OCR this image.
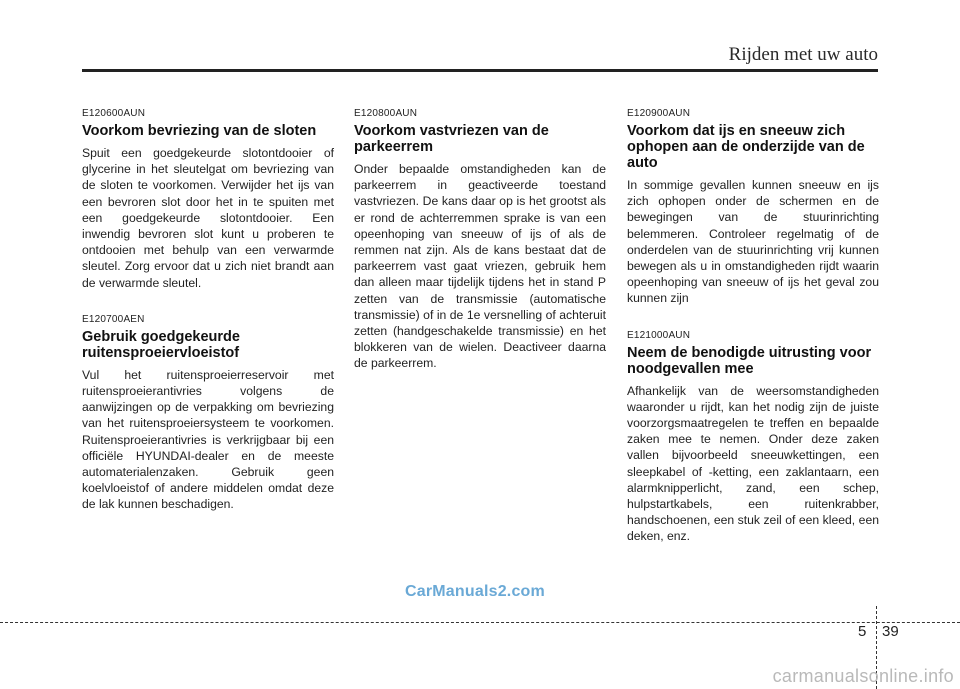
Rijden met uw auto

E120600AUN

Voorkom bevriezing van de sloten

Spuit een goedgekeurde slotontdooier of glycerine in het sleutelgat om bevriezing van de sloten te voorkomen. Verwijder het ijs van een bevroren slot door het in te spuiten met een goedgekeurde slotontdooier. Een inwendig bevroren slot kunt u proberen te ontdooien met behulp van een verwarmde sleutel. Zorg ervoor dat u zich niet brandt aan de verwarmde sleutel.

E120700AEN

Gebruik goedgekeurde ruitensproeiervloeistof

Vul het ruitensproeierreservoir met ruitensproeierantivries volgens de aanwijzingen op de verpakking om bevriezing van het ruitensproeiersysteem te voorkomen. Ruitensproeierantivries is verkrijgbaar bij een officiële HYUNDAI-dealer en de meeste automaterialenzaken. Gebruik geen koelvloeistof of andere middelen omdat deze de lak kunnen beschadigen.

E120800AUN

Voorkom vastvriezen van de parkeerrem

Onder bepaalde omstandigheden kan de parkeerrem in geactiveerde toestand vastvriezen. De kans daar op is het grootst als er rond de achterremmen sprake is van een opeenhoping van sneeuw of ijs of als de remmen nat zijn. Als de kans bestaat dat de parkeerrem vast gaat vriezen, gebruik hem dan alleen maar tijdelijk tijdens het in stand P zetten van de transmissie (automatische transmissie) of in de 1e versnelling of achteruit zetten (handgeschakelde transmissie) en het blokkeren van de wielen. Deactiveer daarna de parkeerrem.

E120900AUN

Voorkom dat ijs en sneeuw zich ophopen aan de onderzijde van de auto

In sommige gevallen kunnen sneeuw en ijs zich ophopen onder de schermen en de bewegingen van de stuurinrichting belemmeren. Controleer regelmatig of de onderdelen van de stuurinrichting vrij kunnen bewegen als u in omstandigheden rijdt waarin opeenhoping van sneeuw of ijs het geval zou kunnen zijn

E121000AUN

Neem de benodigde uitrusting voor noodgevallen mee

Afhankelijk van de weersomstandigheden waaronder u rijdt, kan het nodig zijn de juiste voorzorgsmaatregelen te treffen en bepaalde zaken mee te nemen. Onder deze zaken vallen bijvoorbeeld sneeuwkettingen, een sleepkabel of -ketting, een zaklantaarn, een alarmknipperlicht, zand, een schep, hulpstartkabels, een ruitenkrabber, handschoenen, een stuk zeil of een kleed, een deken, enz.

CarManuals2.com
5 39
carmanualsonline.info
